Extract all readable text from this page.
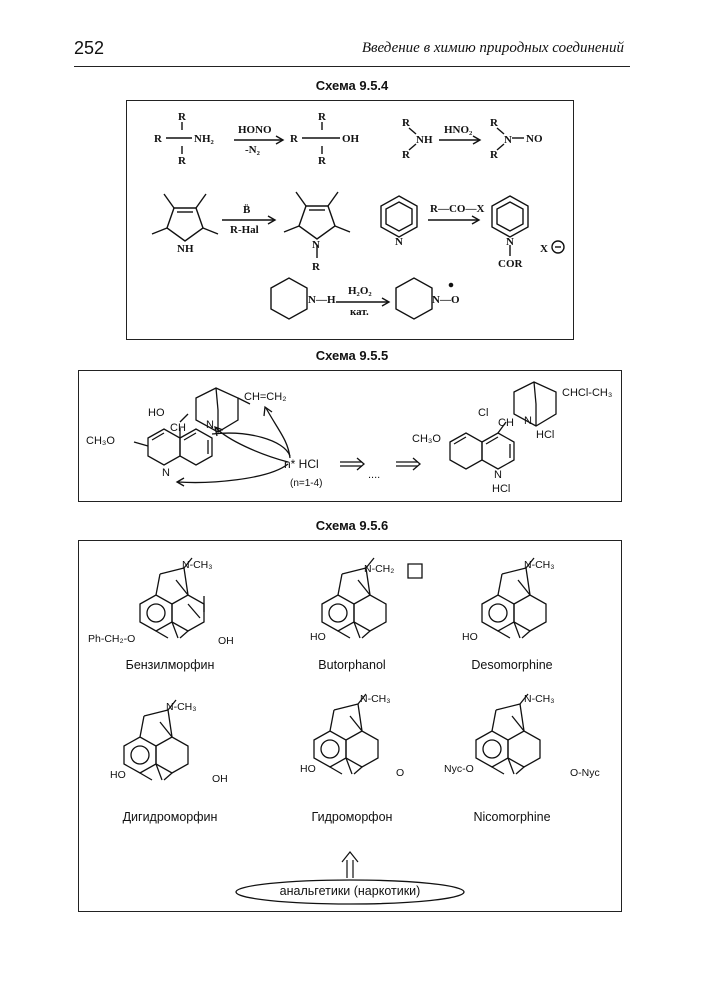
252	Введение в химию природных соединений
Схема 9.5.4
R
R
R
NH₂
HONO
-N₂
R
R
R
OH
R
R
NH
HNO₂
R
R
N NO
NH
B̈
R-Hal
N
R
N
R—CO—X
N
COR
X
N—H
H₂O₂
кат.
N—O
Схема 9.5.5
CH=CH₂
HO
CH
CH₃O
N
N
n* HCl
(n=1-4)
....
CHCl-CH₃
Cl
CH N
HCl
CH₃O
N
HCl
Схема 9.5.6
N-CH₃
Ph-CH₂-O	OH
N-CH₂
HO
N-CH₃
HO
N-CH₃
HO	OH
N-CH₃
HO	O
N-CH₃
Nyc-O	O-Nyc
Бензилморфин	Butorphanol	Desomorphine
Дигидроморфин	Гидроморфон	Nicomorphine
анальгетики (наркотики)
